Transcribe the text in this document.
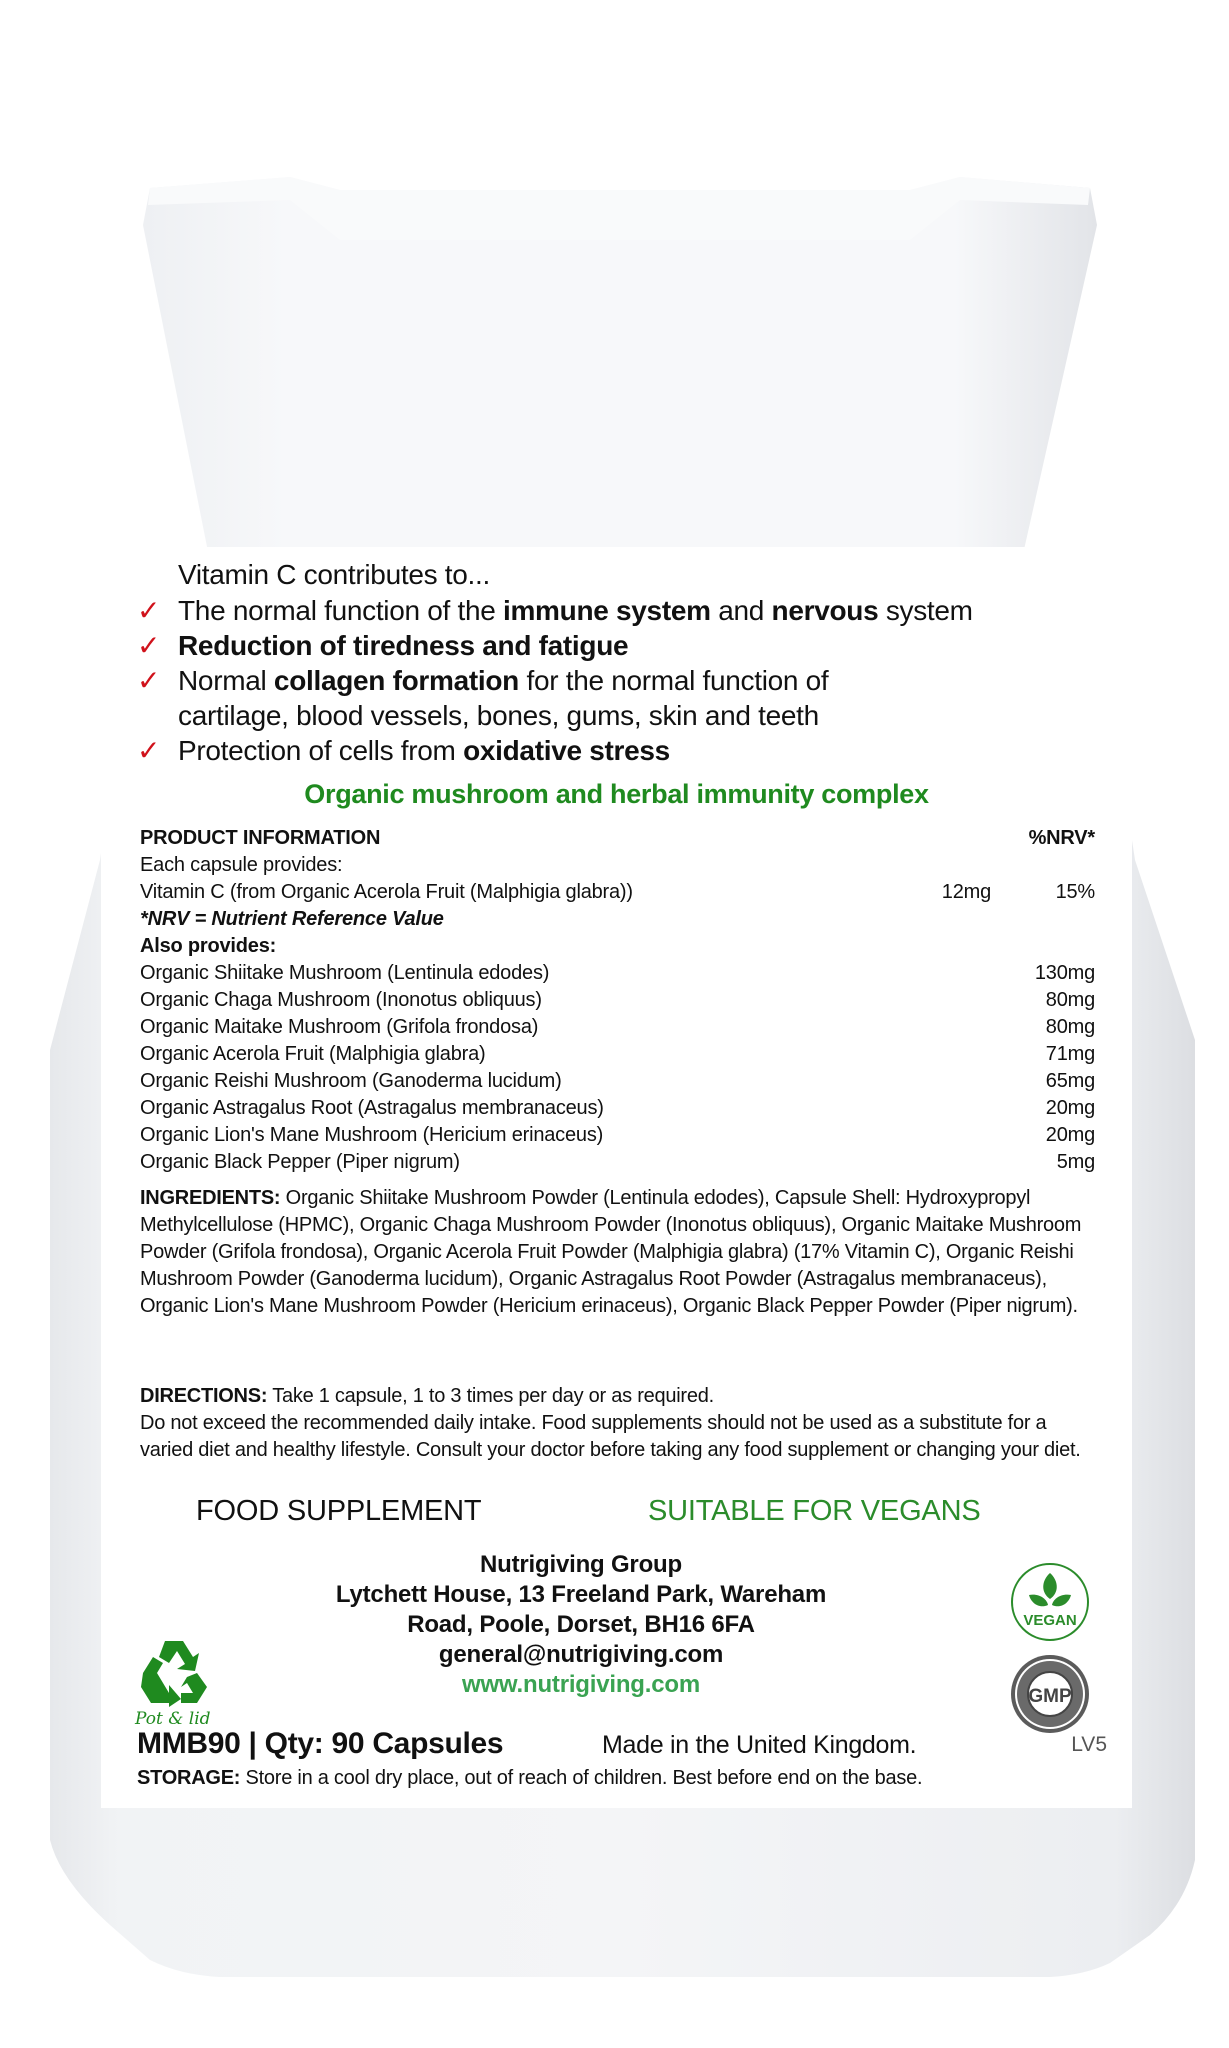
Vitamin C contributes to...
✓ The normal function of the immune system and nervous system
✓ Reduction of tiredness and fatigue
✓ Normal collagen formation for the normal function of
cartilage, blood vessels, bones, gums, skin and teeth
✓ Protection of cells from oxidative stress
Organic mushroom and herbal immunity complex
PRODUCT INFORMATION	%NRV*
Each capsule provides:
Vitamin C (from Organic Acerola Fruit (Malphigia glabra))	12mg	15%
*NRV = Nutrient Reference Value
Also provides:
Organic Shiitake Mushroom (Lentinula edodes)	130mg
Organic Chaga Mushroom (Inonotus obliquus)	80mg
Organic Maitake Mushroom (Grifola frondosa)	80mg
Organic Acerola Fruit (Malphigia glabra)	71mg
Organic Reishi Mushroom (Ganoderma lucidum)	65mg
Organic Astragalus Root (Astragalus membranaceus)	20mg
Organic Lion's Mane Mushroom (Hericium erinaceus)	20mg
Organic Black Pepper (Piper nigrum)	5mg
INGREDIENTS: Organic Shiitake Mushroom Powder (Lentinula edodes), Capsule Shell: Hydroxypropyl Methylcellulose (HPMC), Organic Chaga Mushroom Powder (Inonotus obliquus), Organic Maitake Mushroom Powder (Grifola frondosa), Organic Acerola Fruit Powder (Malphigia glabra) (17% Vitamin C), Organic Reishi Mushroom Powder (Ganoderma lucidum), Organic Astragalus Root Powder (Astragalus membranaceus), Organic Lion's Mane Mushroom Powder (Hericium erinaceus), Organic Black Pepper Powder (Piper nigrum).
DIRECTIONS: Take 1 capsule, 1 to 3 times per day or as required.
Do not exceed the recommended daily intake. Food supplements should not be used as a substitute for a varied diet and healthy lifestyle. Consult your doctor before taking any food supplement or changing your diet.
FOOD SUPPLEMENT	SUITABLE FOR VEGANS
Nutrigiving Group
Lytchett House, 13 Freeland Park, Wareham
Road, Poole, Dorset, BH16 6FA
general@nutrigiving.com
www.nutrigiving.com
Pot & lid
VEGAN
GMP
MMB90 | Qty: 90 Capsules	Made in the United Kingdom.	LV5
STORAGE: Store in a cool dry place, out of reach of children. Best before end on the base.
